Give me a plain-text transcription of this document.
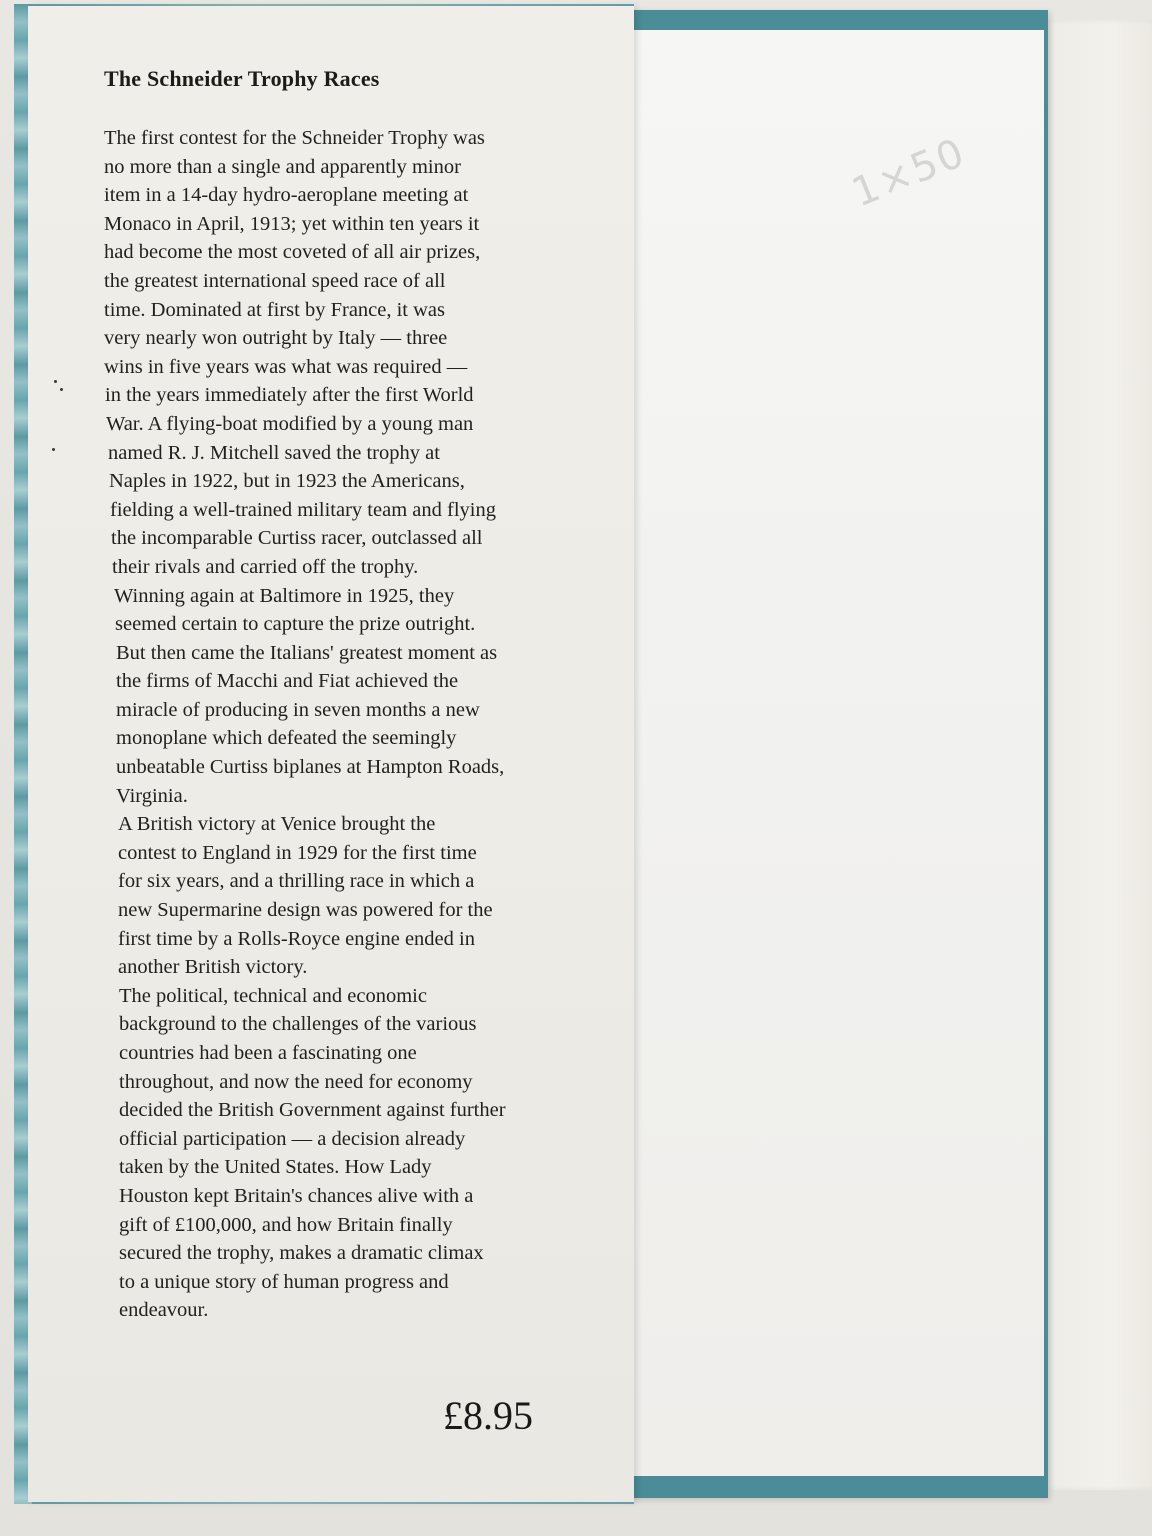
1×50
The Schneider Trophy Races

The first contest for the Schneider Trophy was
no more than a single and apparently minor
item in a 14-day hydro-aeroplane meeting at
Monaco in April, 1913; yet within ten years it
had become the most coveted of all air prizes,
the greatest international speed race of all
time. Dominated at first by France, it was
very nearly won outright by Italy — three
wins in five years was what was required —
in the years immediately after the first World
War. A flying-boat modified by a young man
named R. J. Mitchell saved the trophy at
Naples in 1922, but in 1923 the Americans,
fielding a well-trained military team and flying
the incomparable Curtiss racer, outclassed all
their rivals and carried off the trophy.
Winning again at Baltimore in 1925, they
seemed certain to capture the prize outright.
But then came the Italians' greatest moment as
the firms of Macchi and Fiat achieved the
miracle of producing in seven months a new
monoplane which defeated the seemingly
unbeatable Curtiss biplanes at Hampton Roads,
Virginia.

A British victory at Venice brought the
contest to England in 1929 for the first time
for six years, and a thrilling race in which a
new Supermarine design was powered for the
first time by a Rolls-Royce engine ended in
another British victory.

The political, technical and economic
background to the challenges of the various
countries had been a fascinating one
throughout, and now the need for economy
decided the British Government against further
official participation — a decision already
taken by the United States. How Lady
Houston kept Britain's chances alive with a
gift of £100,000, and how Britain finally
secured the trophy, makes a dramatic climax
to a unique story of human progress and
endeavour.

£8.95
